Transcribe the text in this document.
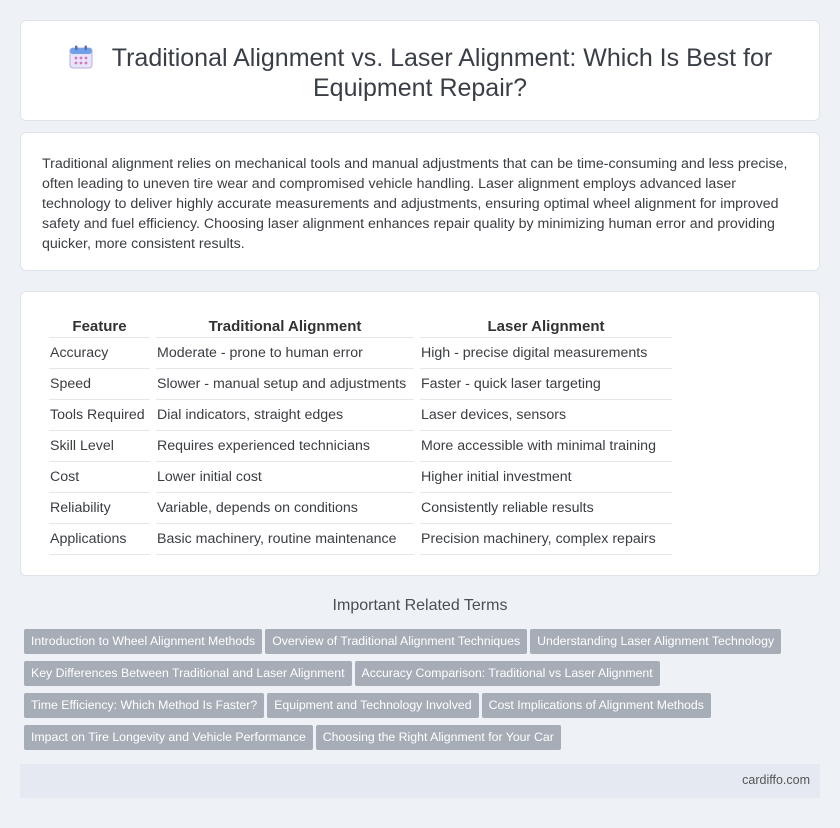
Traditional Alignment vs. Laser Alignment: Which Is Best for Equipment Repair?

Traditional alignment relies on mechanical tools and manual adjustments that can be time-consuming and less precise, often leading to uneven tire wear and compromised vehicle handling. Laser alignment employs advanced laser technology to deliver highly accurate measurements and adjustments, ensuring optimal wheel alignment for improved safety and fuel efficiency. Choosing laser alignment enhances repair quality by minimizing human error and providing quicker, more consistent results.

Feature	Traditional Alignment	Laser Alignment
Accuracy	Moderate - prone to human error	High - precise digital measurements
Speed	Slower - manual setup and adjustments	Faster - quick laser targeting
Tools Required	Dial indicators, straight edges	Laser devices, sensors
Skill Level	Requires experienced technicians	More accessible with minimal training
Cost	Lower initial cost	Higher initial investment
Reliability	Variable, depends on conditions	Consistently reliable results
Applications	Basic machinery, routine maintenance	Precision machinery, complex repairs
Important Related Terms
Introduction to Wheel Alignment Methods Overview of Traditional Alignment Techniques Understanding Laser Alignment Technology
Key Differences Between Traditional and Laser Alignment Accuracy Comparison: Traditional vs Laser Alignment
Time Efficiency: Which Method Is Faster? Equipment and Technology Involved Cost Implications of Alignment Methods
Impact on Tire Longevity and Vehicle Performance Choosing the Right Alignment for Your Car
cardiffo.com
